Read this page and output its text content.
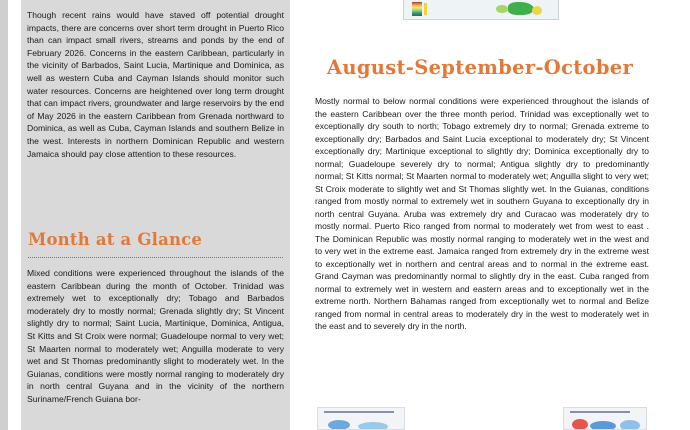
Though recent rains would have staved off potential drought impacts, there are concerns over short term drought in Puerto Rico than can impact small rivers, streams and ponds by the end of February 2026. Concerns in the eastern Caribbean, particularly in the vicinity of Barbados, Saint Lucia, Martinique and Dominica, as well as western Cuba and Cayman Islands should monitor such water resources. Concerns are heightened over long term drought that can impact rivers, groundwater and large reservoirs by the end of May 2026 in the eastern Caribbean from Grenada northward to Dominica, as well as Cuba, Cayman Islands and southern Belize in the west. Interests in northern Dominican Republic and western Jamaica should pay close attention to these resources.

Month at a Glance

Mixed conditions were experienced throughout the islands of the eastern Caribbean during the month of October. Trinidad was extremely wet to exceptionally dry; Tobago and Barbados moderately dry to mostly normal; Grenada slightly dry; St Vincent slightly dry to normal; Saint Lucia, Martinique, Dominica, Antigua, St Kitts and St Croix were normal; Guadeloupe normal to very wet; St Maarten normal to moderately wet; Anguilla moderate to very wet and St Thomas predominantly slight to moderately wet. In the Guianas, conditions were mostly normal ranging to moderately dry in north central Guyana and in the vicinity of the northern Suriname/French Guiana bor-

August-September-October

Mostly normal to below normal conditions were experienced throughout the islands of the eastern Caribbean over the three month period. Trinidad was exceptionally wet to exceptionally dry south to north; Tobago extremely dry to normal; Grenada extreme to exceptionally dry; Barbados and Saint Lucia exceptional to moderately dry; St Vincent exceptionally dry; Martinique exceptional to slightly dry; Dominica exceptionally dry to normal; Guadeloupe severely dry to normal; Antigua slightly dry to predominantly normal; St Kitts normal; St Maarten normal to moderately wet; Anguilla slight to very wet; St Croix moderate to slightly wet and St Thomas slightly wet. In the Guianas, conditions ranged from mostly normal to extremely wet in southern Guyana to exceptionally dry in north central Guyana. Aruba was extremely dry and Curacao was moderately dry to mostly normal. Puerto Rico ranged from normal to moderately wet from west to east . The Dominican Republic was mostly normal ranging to moderately wet in the west and to very wet in the extreme east. Jamaica ranged from extremely dry in the extreme west to exceptionally wet in northern and central areas and to normal in the extreme east. Grand Cayman was predominantly normal to slightly dry in the east. Cuba ranged from normal to extremely wet in western and eastern areas and to exceptionally wet in the extreme north. Northern Bahamas ranged from exceptionally wet to normal and Belize ranged from normal in central areas to moderately dry in the west to moderately wet in the east and to severely dry in the north.
